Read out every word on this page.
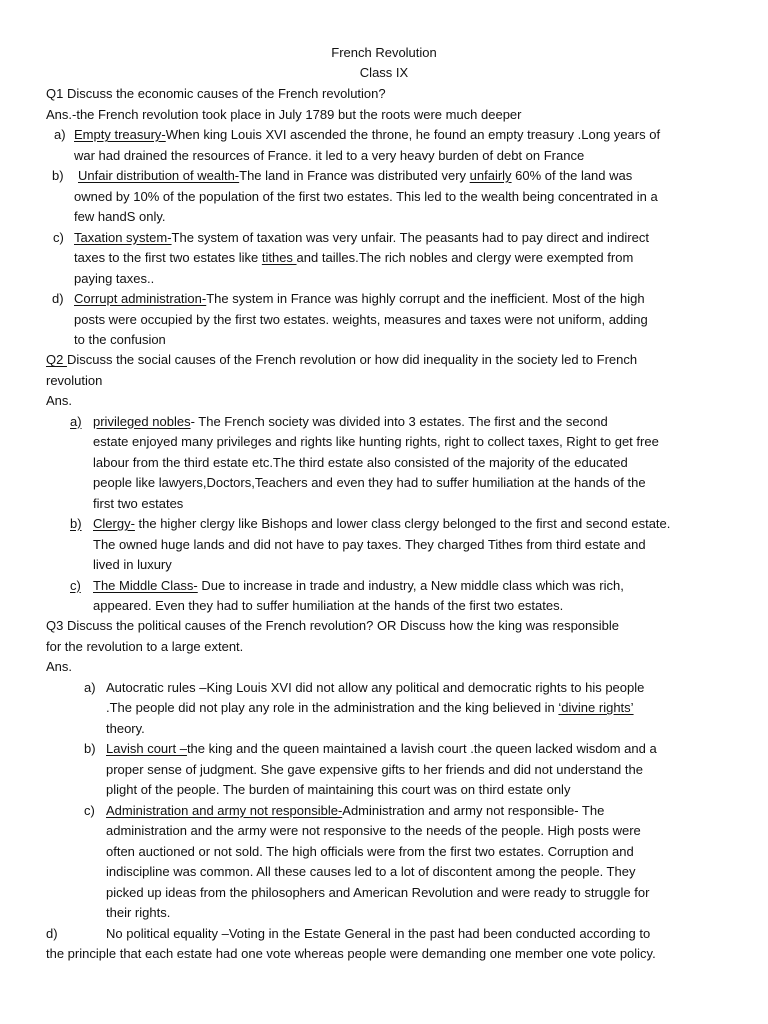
French Revolution
Class IX
Q1 Discuss the economic causes of the French revolution?
Ans.-the French revolution took place in July 1789 but the roots were much deeper
a) Empty treasury-When king Louis XVI ascended the throne, he found an empty treasury .Long years of
war had drained the resources of France. it led to a very heavy burden of debt on France
b)	Unfair distribution of wealth-The land in France was distributed very unfairly 60% of the land was
owned by 10% of the population of the first two estates. This led to the wealth being concentrated in a
few handS only.
c) Taxation system-The system of taxation was very unfair. The peasants had to pay direct and indirect
taxes to the first two estates like tithes and tailles.The rich nobles and clergy were exempted from
paying taxes..
d) Corrupt administration-The system in France was highly corrupt and the inefficient. Most of the high
posts were occupied by the first two estates. weights, measures and taxes were not uniform, adding
to the confusion
Q2 Discuss the social causes of the French revolution or how did inequality in the society led to French
revolution
Ans.
a) privileged nobles- The French society was divided into 3 estates. The first and the second
estate enjoyed many privileges and rights like hunting rights, right to collect taxes, Right to get free
labour from the third estate etc.The third estate also consisted of the majority of the educated
people like lawyers,Doctors,Teachers and even they had to suffer humiliation at the hands of the
first two estates
b) Clergy- the higher clergy like Bishops and lower class clergy belonged to the first and second estate.
The owned huge lands and did not have to pay taxes. They charged Tithes from third estate and
lived in luxury
c) The Middle Class- Due to increase in trade and industry, a New middle class which was rich,
appeared. Even they had to suffer humiliation at the hands of the first two estates.
Q3 Discuss the political causes of the French revolution? OR Discuss how the king was responsible
for the revolution to a large extent.
Ans.
a) Autocratic rules –King Louis XVI did not allow any political and democratic rights to his people
.The people did not play any role in the administration and the king believed in ‘divine rights’
theory.
b) Lavish court –the king and the queen maintained a lavish court .the queen lacked wisdom and a
proper sense of judgment. She gave expensive gifts to her friends and did not understand the
plight of the people. The burden of maintaining this court was on third estate only
c) Administration and army not responsible-Administration and army not responsible- The
administration and the army were not responsive to the needs of the people. High posts were
often auctioned or not sold. The high officials were from the first two estates. Corruption and
indiscipline was common. All these causes led to a lot of discontent among the people. They
picked up ideas from the philosophers and American Revolution and were ready to struggle for
their rights.
d)	No political equality –Voting in the Estate General in the past had been conducted according to
the principle that each estate had one vote whereas people were demanding one member one vote policy.
